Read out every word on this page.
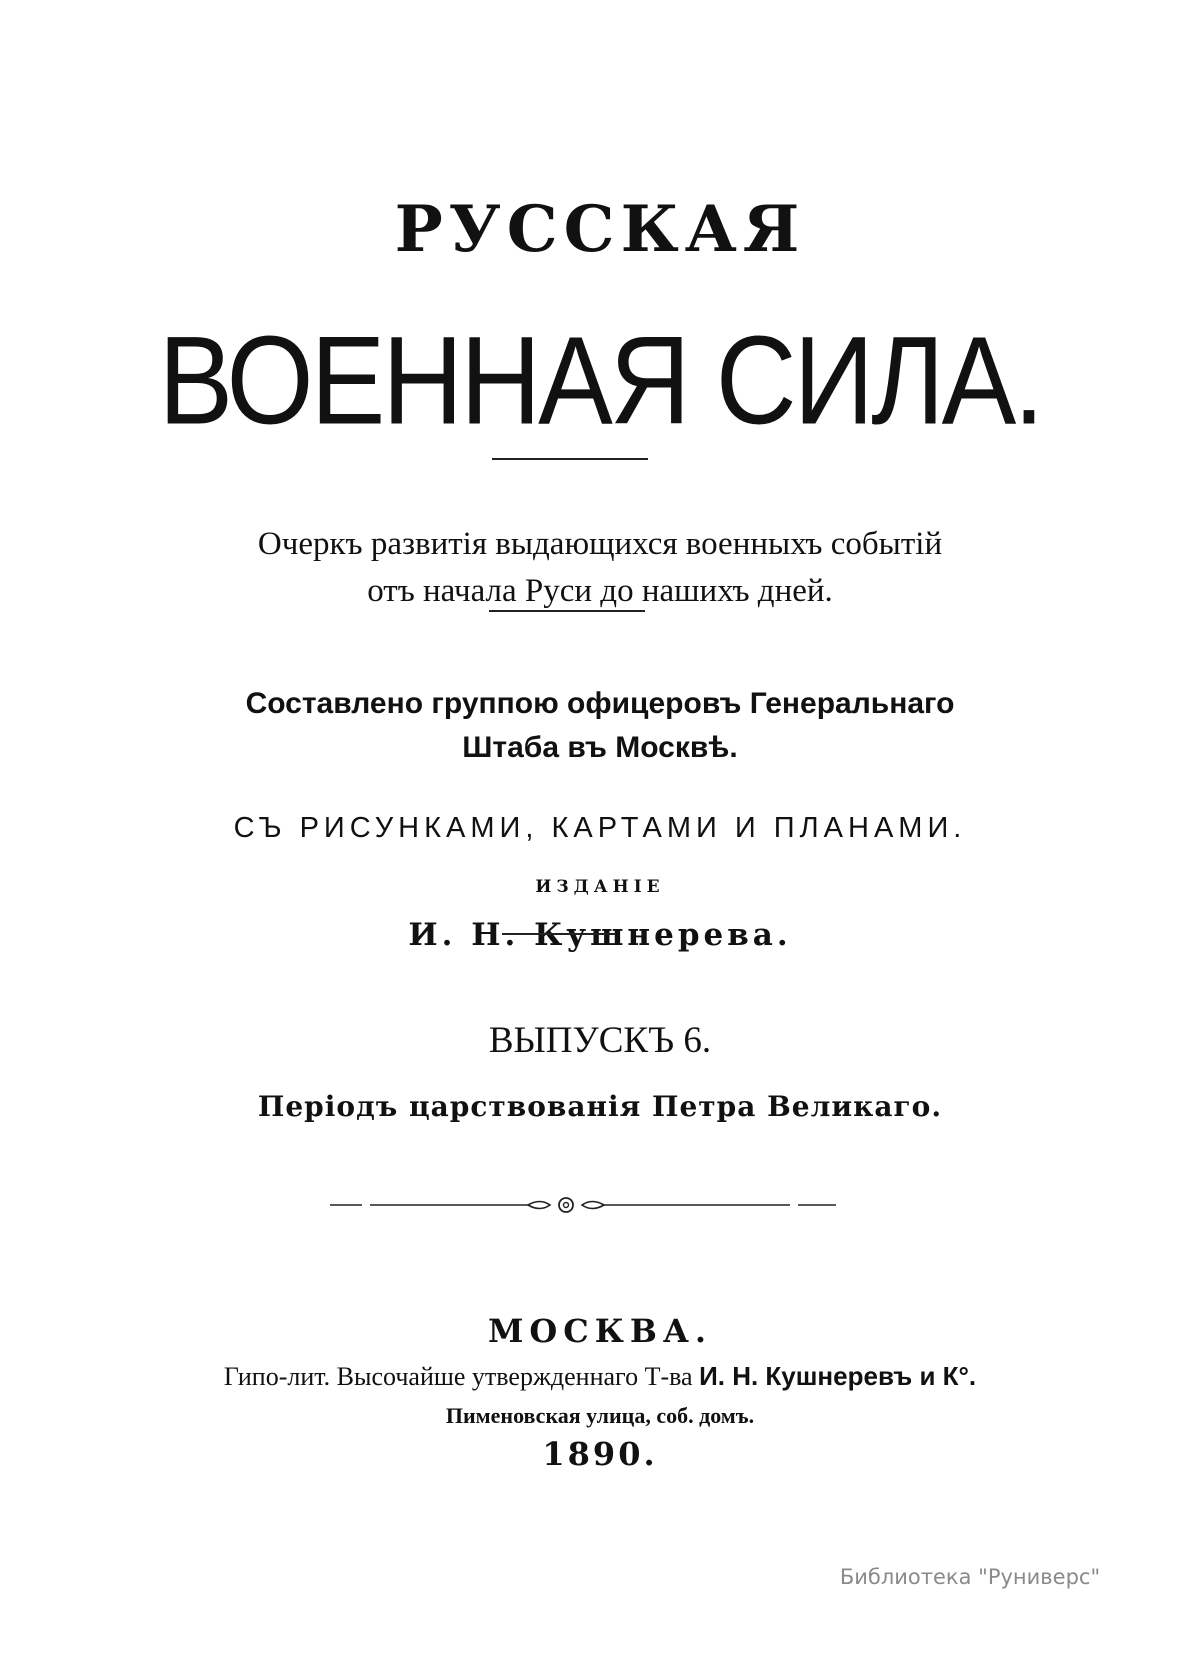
РУССКАЯ
ВОЕННАЯ СИЛА.
Очеркъ развитія выдающихся военныхъ событій
отъ начала Руси до нашихъ дней.
Составлено группою офицеровъ Генеральнаго
Штаба въ Москвѣ.
СЪ РИСУНКАМИ, КАРТАМИ И ПЛАНАМИ.
ИЗДАНІЕ
И. Н. Кушнерева.
ВЫПУСКЪ 6.
Періодъ царствованія Петра Великаго.
МОСКВА.
Гипо-лит. Высочайше утвержденнаго Т-ва И. Н. Кушнеревъ и К°.
Пименовская улица, соб. домъ.
1890.
Библиотека "Руниверс"
